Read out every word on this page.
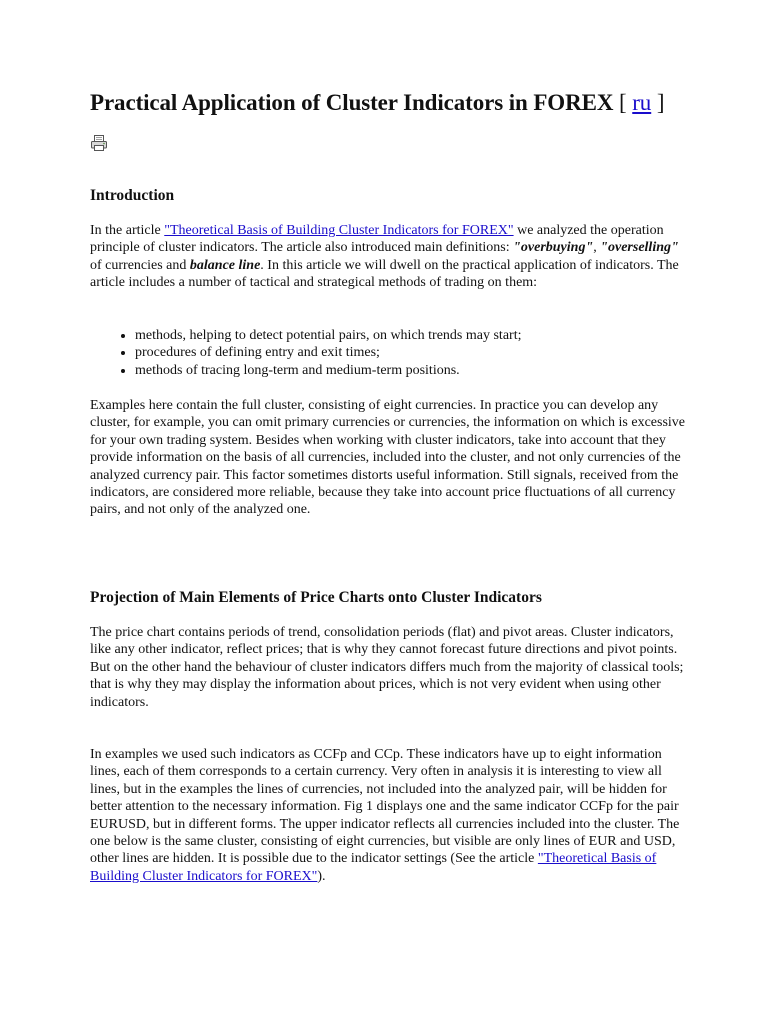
Practical Application of Cluster Indicators in FOREX [ ru ]
Introduction

In the article "Theoretical Basis of Building Cluster Indicators for FOREX" we analyzed the operation principle of cluster indicators. The article also introduced main definitions: "overbuying", "overselling" of currencies and balance line. In this article we will dwell on the practical application of indicators. The article includes a number of tactical and strategical methods of trading on them:

• methods, helping to detect potential pairs, on which trends may start;
• procedures of defining entry and exit times;
• methods of tracing long-term and medium-term positions.

Examples here contain the full cluster, consisting of eight currencies. In practice you can develop any cluster, for example, you can omit primary currencies or currencies, the information on which is excessive for your own trading system. Besides when working with cluster indicators, take into account that they provide information on the basis of all currencies, included into the cluster, and not only currencies of the analyzed currency pair. This factor sometimes distorts useful information. Still signals, received from the indicators, are considered more reliable, because they take into account price fluctuations of all currency pairs, and not only of the analyzed one.

Projection of Main Elements of Price Charts onto Cluster Indicators

The price chart contains periods of trend, consolidation periods (flat) and pivot areas. Cluster indicators, like any other indicator, reflect prices; that is why they cannot forecast future directions and pivot points. But on the other hand the behaviour of cluster indicators differs much from the majority of classical tools; that is why they may display the information about prices, which is not very evident when using other indicators.

In examples we used such indicators as CCFp and CCp. These indicators have up to eight information lines, each of them corresponds to a certain currency. Very often in analysis it is interesting to view all lines, but in the examples the lines of currencies, not included into the analyzed pair, will be hidden for better attention to the necessary information. Fig 1 displays one and the same indicator CCFp for the pair EURUSD, but in different forms. The upper indicator reflects all currencies included into the cluster. The one below is the same cluster, consisting of eight currencies, but visible are only lines of EUR and USD, other lines are hidden. It is possible due to the indicator settings (See the article "Theoretical Basis of Building Cluster Indicators for FOREX").
